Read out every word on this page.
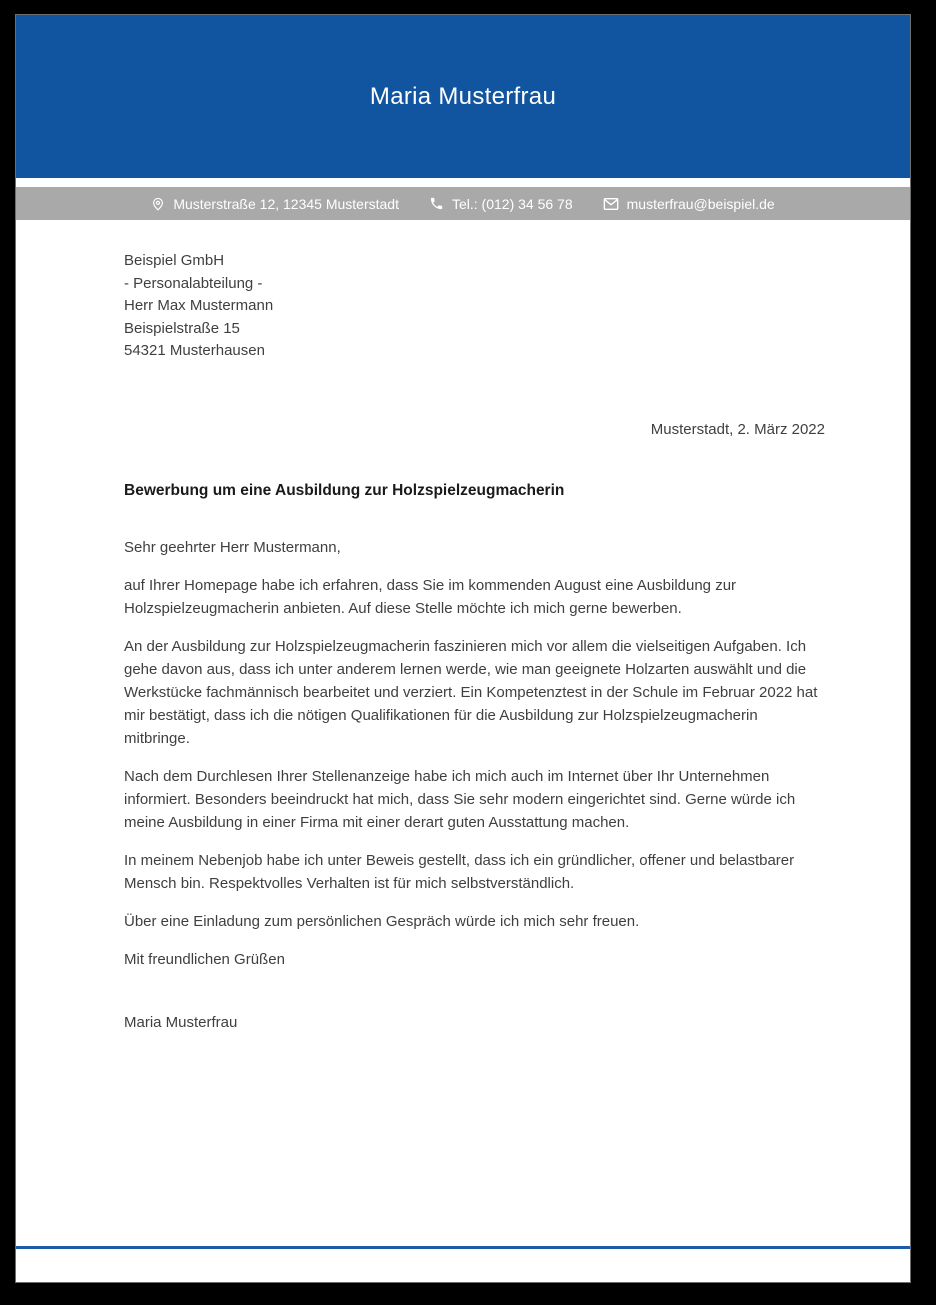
Maria Musterfrau
Musterstraße 12, 12345 Musterstadt	Tel.: (012) 34 56 78	musterfrau@beispiel.de
Beispiel GmbH
- Personalabteilung -
Herr Max Mustermann
Beispielstraße 15
54321 Musterhausen
Musterstadt, 2. März 2022
Bewerbung um eine Ausbildung zur Holzspielzeugmacherin
Sehr geehrter Herr Mustermann,

auf Ihrer Homepage habe ich erfahren, dass Sie im kommenden August eine Ausbildung zur Holzspielzeugmacherin anbieten. Auf diese Stelle möchte ich mich gerne bewerben.

An der Ausbildung zur Holzspielzeugmacherin faszinieren mich vor allem die vielseitigen Aufgaben. Ich gehe davon aus, dass ich unter anderem lernen werde, wie man geeignete Holzarten auswählt und die Werkstücke fachmännisch bearbeitet und verziert. Ein Kompetenztest in der Schule im Februar 2022 hat mir bestätigt, dass ich die nötigen Qualifikationen für die Ausbildung zur Holzspielzeugmacherin mitbringe.

Nach dem Durchlesen Ihrer Stellenanzeige habe ich mich auch im Internet über Ihr Unternehmen informiert. Besonders beeindruckt hat mich, dass Sie sehr modern eingerichtet sind. Gerne würde ich meine Ausbildung in einer Firma mit einer derart guten Ausstattung machen.

In meinem Nebenjob habe ich unter Beweis gestellt, dass ich ein gründlicher, offener und belastbarer Mensch bin. Respektvolles Verhalten ist für mich selbstverständlich.

Über eine Einladung zum persönlichen Gespräch würde ich mich sehr freuen.

Mit freundlichen Grüßen
Maria Musterfrau
